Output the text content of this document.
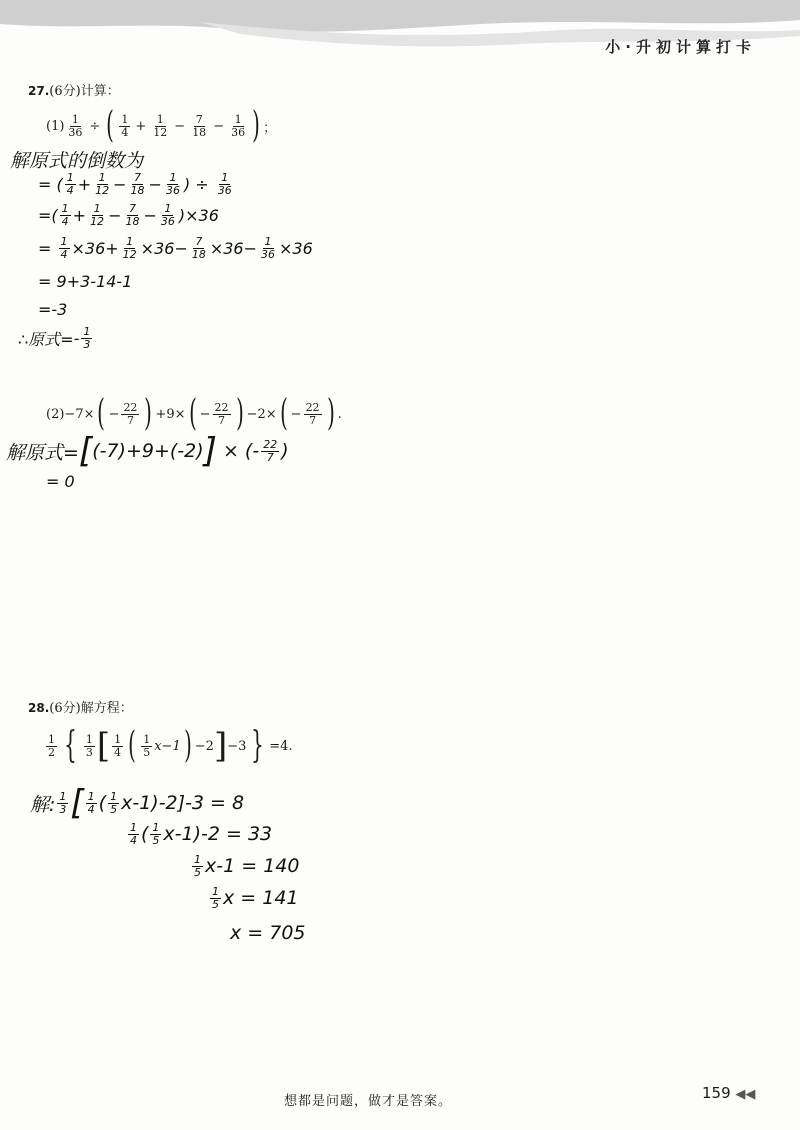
小·升初计算打卡
27.(6分)计算：
$(1) \frac{1}{36}$ ÷ ( $\frac{1}{4} + \frac{1}{12} - \frac{7}{18} - \frac{1}{36}$ ) ；
解原式的倒数为
= ( $\frac{1}{4} + \frac{1}{12} - \frac{7}{18} - \frac{1}{36}$ ) ÷
$\frac{1}{36}$
= ( $\frac{1}{4} + \frac{1}{12} - \frac{7}{18} - \frac{1}{36}$ ) ×36
= $\frac{1}{4} \times 36+ \frac{1}{12} \times 36- \frac{7}{18} \times 36- \frac{1}{36} \times 36$
= 9+3-14-1
=-3
∴原式= - $\frac{1}{3}$
(2) −7× ( − $\frac{22}{7}$ ) +9× ( − $\frac{22}{7}$ ) −2× ( − $\frac{22}{7}$ ) .
解原式= [ (-7)+9+(-2) ]
× (- $\frac{22}{7}$ )
= 0
28.(6分)解方程：
$\frac{1}{2}$ { $\frac{1}{3}$ [ $\frac{1}{4}$ ( $\frac{1}{5} x-1$ ) −2 ] −3 } =4.
解: $\frac{1}{3}$ [ $\frac{1}{4}$ ( $\frac{1}{5} x-1)-2]-3 = 8$
$\frac{1}{4}$ ( $\frac{1}{5} x-1)-2 = 33$
$\frac{1}{5} x-1 = 140$
$\frac{1}{5}$ x = 141
x = 705
想都是问题，做才是答案。	159 ◀◀
